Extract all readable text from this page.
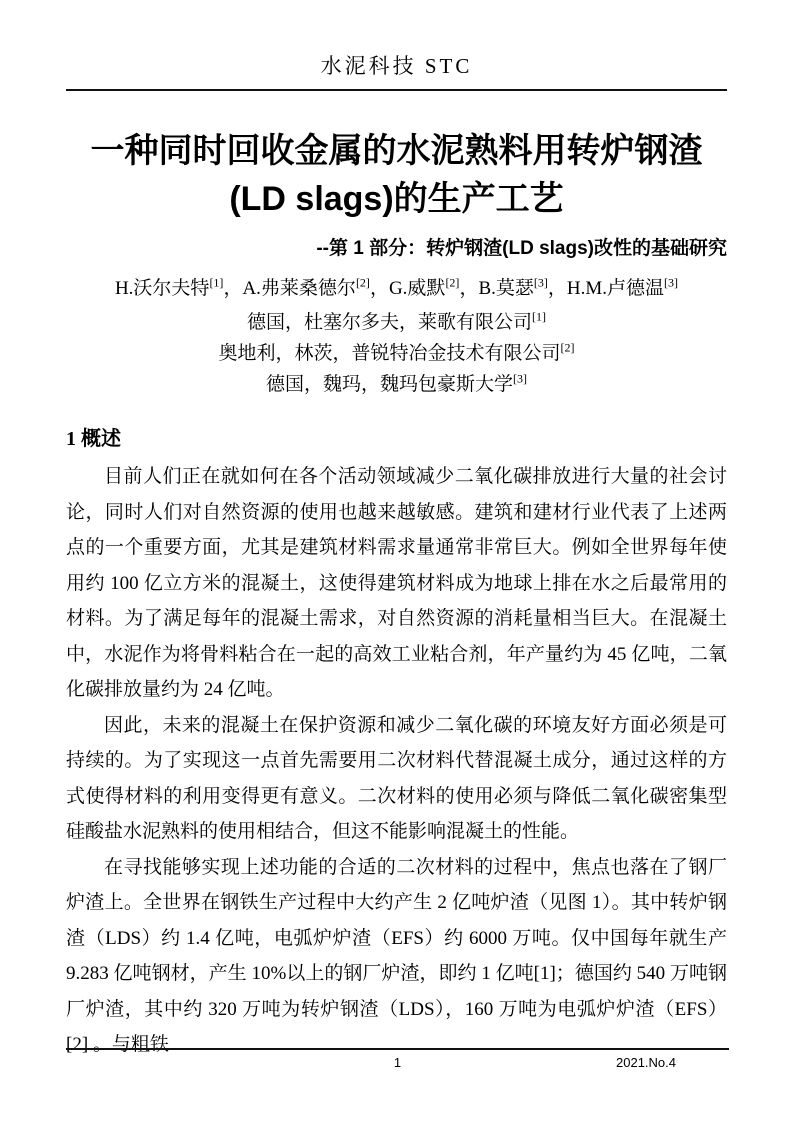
水泥科技 STC
一种同时回收金属的水泥熟料用转炉钢渣
(LD slags)的生产工艺
--第 1 部分：转炉钢渣(LD slags)改性的基础研究
H.沃尔夫特[1]，A.弗莱桑德尔[2]，G.威默[2]，B.莫瑟[3]，H.M.卢德温[3]
德国，杜塞尔多夫，莱歌有限公司[1]
奥地利，林茨，普锐特冶金技术有限公司[2]
德国，魏玛，魏玛包豪斯大学[3]
1 概述

目前人们正在就如何在各个活动领域减少二氧化碳排放进行大量的社会讨论，同时人们对自然资源的使用也越来越敏感。建筑和建材行业代表了上述两点的一个重要方面，尤其是建筑材料需求量通常非常巨大。例如全世界每年使用约 100 亿立方米的混凝土，这使得建筑材料成为地球上排在水之后最常用的材料。为了满足每年的混凝土需求，对自然资源的消耗量相当巨大。在混凝土中，水泥作为将骨料粘合在一起的高效工业粘合剂，年产量约为 45 亿吨，二氧化碳排放量约为 24 亿吨。

因此，未来的混凝土在保护资源和减少二氧化碳的环境友好方面必须是可持续的。为了实现这一点首先需要用二次材料代替混凝土成分，通过这样的方式使得材料的利用变得更有意义。二次材料的使用必须与降低二氧化碳密集型硅酸盐水泥熟料的使用相结合，但这不能影响混凝土的性能。

在寻找能够实现上述功能的合适的二次材料的过程中，焦点也落在了钢厂炉渣上。全世界在钢铁生产过程中大约产生 2 亿吨炉渣（见图 1）。其中转炉钢渣（LDS）约 1.4 亿吨，电弧炉炉渣（EFS）约 6000 万吨。仅中国每年就生产 9.283 亿吨钢材，产生 10%以上的钢厂炉渣，即约 1 亿吨[1]；德国约 540 万吨钢厂炉渣，其中约 320 万吨为转炉钢渣（LDS），160 万吨为电弧炉炉渣（EFS）[2] 。与粗铁

1	2021.No.4
